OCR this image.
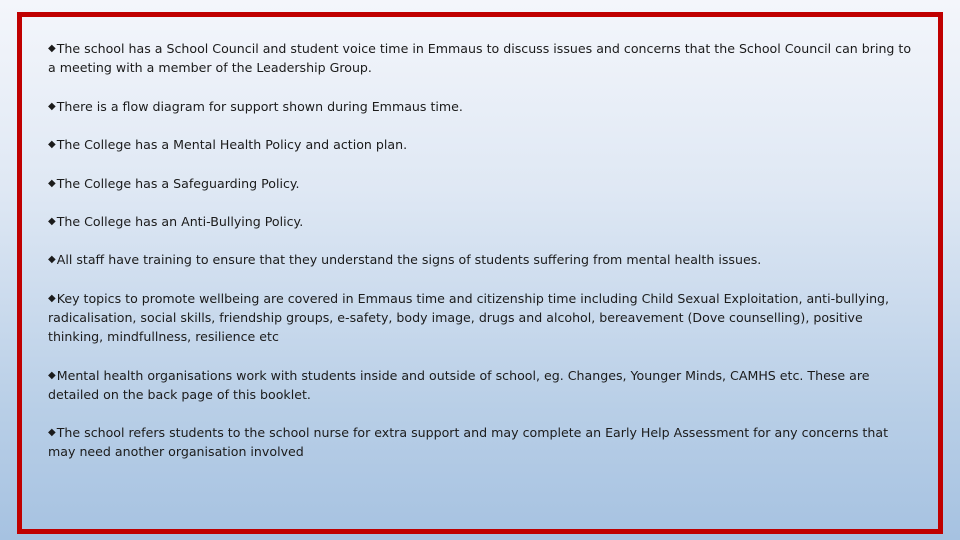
◆The school has a School Council and student voice time in Emmaus to discuss issues and concerns that the School Council can bring to a meeting with a member of the Leadership Group.
◆There is a flow diagram for support shown during Emmaus time.
◆The College has a Mental Health Policy and action plan.
◆The College has a Safeguarding Policy.
◆The College has an Anti-Bullying Policy.
◆All staff have training to ensure that they understand the signs of students suffering from mental health issues.
◆Key topics to promote wellbeing are covered in Emmaus time and citizenship time including Child Sexual Exploitation, anti-bullying, radicalisation, social skills, friendship groups, e-safety, body image, drugs and alcohol, bereavement (Dove counselling), positive thinking, mindfullness, resilience etc
◆Mental health organisations work with students inside and outside of school, eg. Changes, Younger Minds, CAMHS etc. These are detailed on the back page of this booklet.
◆The school refers students to the school nurse for extra support and may complete an Early Help Assessment for any concerns that may need another organisation involved
